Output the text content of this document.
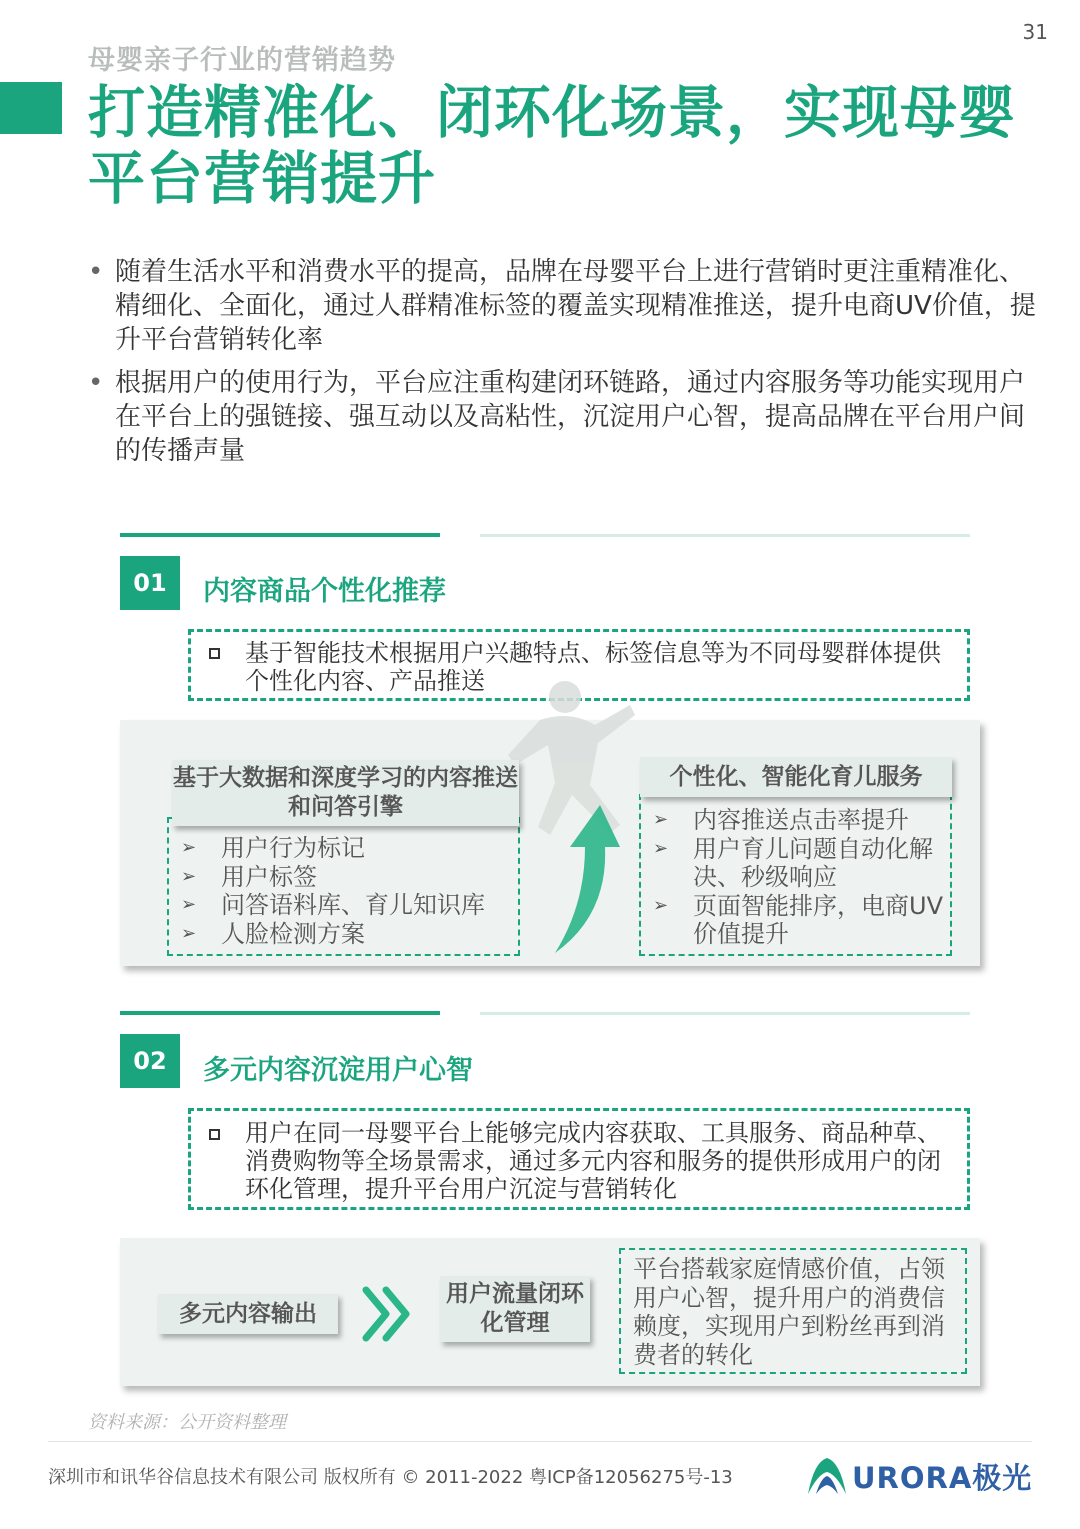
31
母婴亲子行业的营销趋势
打造精准化、闭环化场景，实现母婴平台营销提升
• 随着生活水平和消费水平的提高，品牌在母婴平台上进行营销时更注重精准化、精细化、全面化，通过人群精准标签的覆盖实现精准推送，提升电商UV价值，提升平台营销转化率
• 根据用户的使用行为，平台应注重构建闭环链路，通过内容服务等功能实现用户在平台上的强链接、强互动以及高粘性，沉淀用户心智，提高品牌在平台用户间的传播声量
01	内容商品个性化推荐
基于智能技术根据用户兴趣特点、标签信息等为不同母婴群体提供个性化内容、产品推送
➢ 用户行为标记
➢ 用户标签
➢ 问答语料库、育儿知识库
➢ 人脸检测方案
基于大数据和深度学习的内容推送和问答引擎	➢ 内容推送点击率提升
➢ 用户育儿问题自动化解决、秒级响应
➢ 页面智能排序，电商UV价值提升
个性化、智能化育儿服务
02	多元内容沉淀用户心智
用户在同一母婴平台上能够完成内容获取、工具服务、商品种草、消费购物等全场景需求，通过多元内容和服务的提供形成用户的闭环化管理，提升平台用户沉淀与营销转化
多元内容输出
用户流量闭环化管理
平台搭载家庭情感价值，占领用户心智，提升用户的消费信赖度，实现用户到粉丝再到消费者的转化
资料来源：公开资料整理
深圳市和讯华谷信息技术有限公司 版权所有 © 2011-2022 粤ICP备12056275号-13	URORA极光
